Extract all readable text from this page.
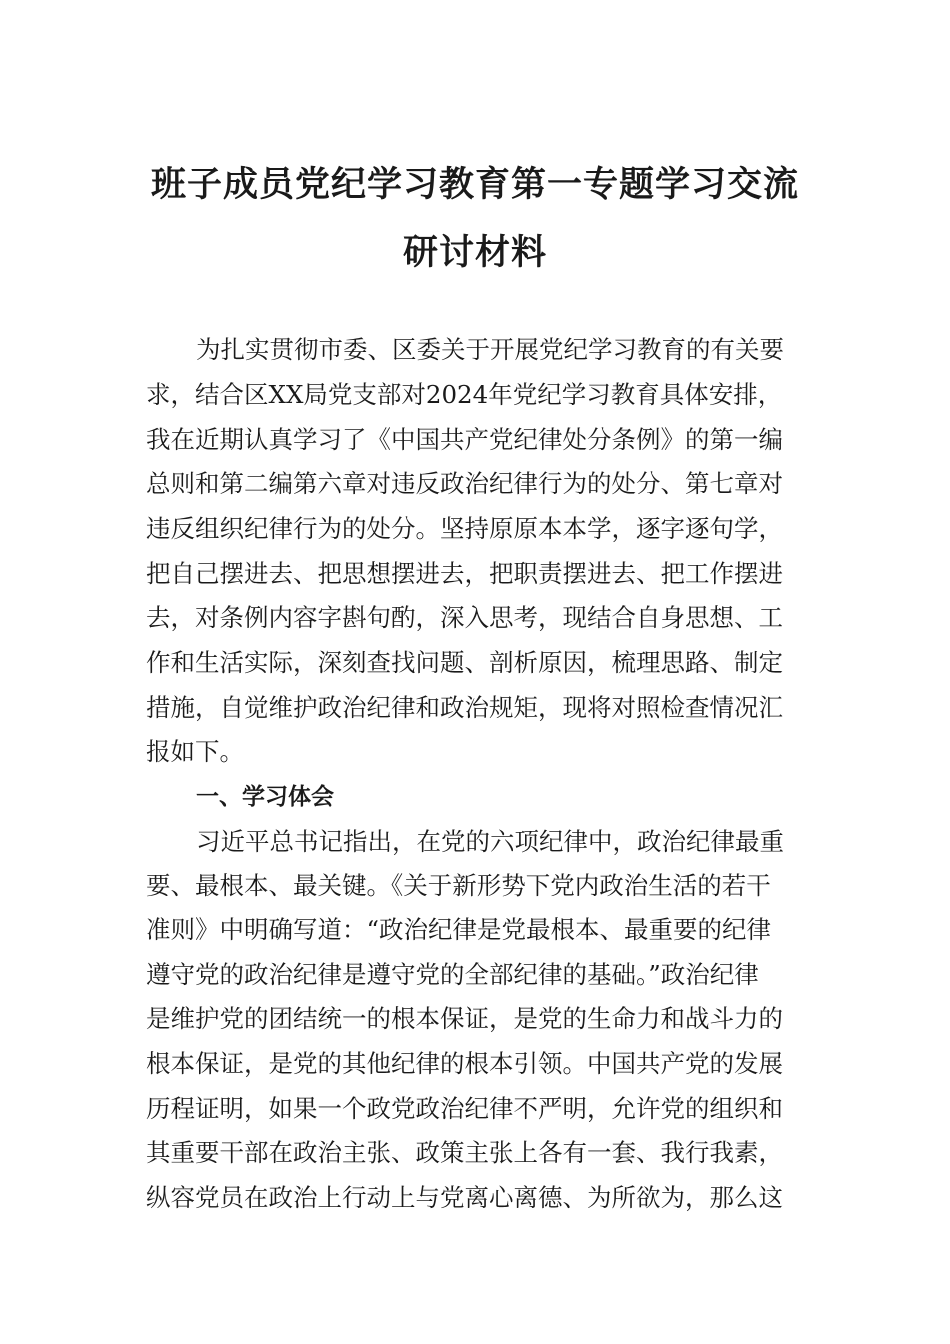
班子成员党纪学习教育第一专题学习交流
研讨材料
为扎实贯彻市委、区委关于开展党纪学习教育的有关要
求，结合区XX局党支部对2024年党纪学习教育具体安排，
我在近期认真学习了《中国共产党纪律处分条例》的第一编
总则和第二编第六章对违反政治纪律行为的处分、第七章对
违反组织纪律行为的处分。坚持原原本本学，逐字逐句学，
把自己摆进去、把思想摆进去，把职责摆进去、把工作摆进
去，对条例内容字斟句酌，深入思考，现结合自身思想、工
作和生活实际，深刻查找问题、剖析原因，梳理思路、制定
措施，自觉维护政治纪律和政治规矩，现将对照检查情况汇
报如下。
一、学习体会
习近平总书记指出，在党的六项纪律中，政治纪律最重
要、最根本、最关键。《关于新形势下党内政治生活的若干
准则》中明确写道：“政治纪律是党最根本、最重要的纪律
遵守党的政治纪律是遵守党的全部纪律的基础。”政治纪律
是维护党的团结统一的根本保证，是党的生命力和战斗力的
根本保证，是党的其他纪律的根本引领。中国共产党的发展
历程证明，如果一个政党政治纪律不严明，允许党的组织和
其重要干部在政治主张、政策主张上各有一套、我行我素，
纵容党员在政治上行动上与党离心离德、为所欲为，那么这
